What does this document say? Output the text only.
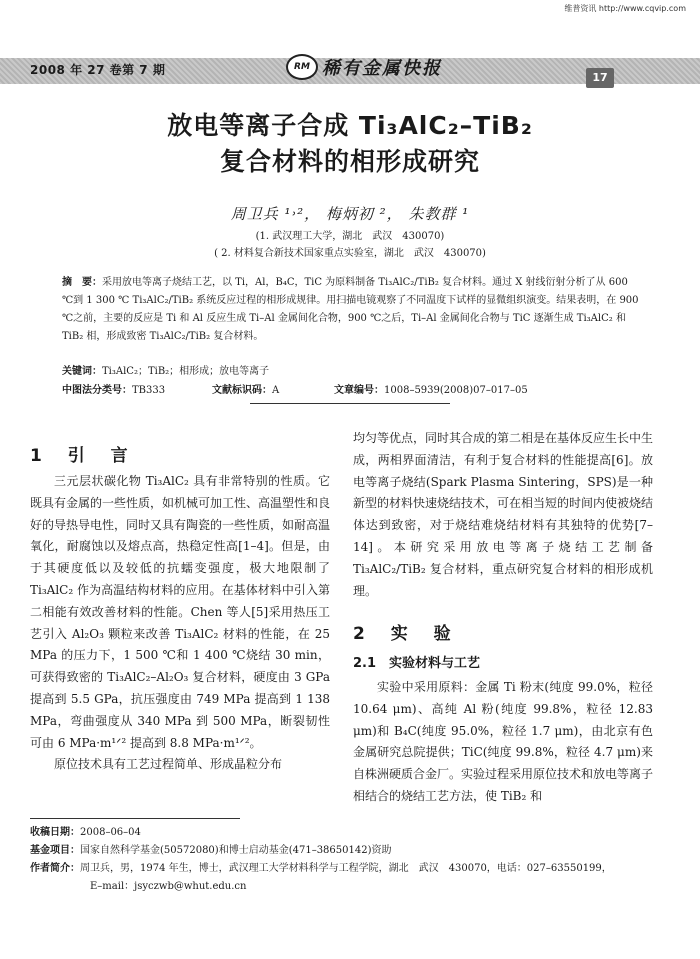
维普资讯 http://www.cqvip.com
2008 年 27 卷第 7 期	RM 稀有金属快报	17
放电等离子合成 Ti₃AlC₂–TiB₂
复合材料的相形成研究
周卫兵 ¹˒²， 梅炳初 ²， 朱教群 ¹
(1. 武汉理工大学，湖北　武汉　430070)
( 2. 材料复合新技术国家重点实验室，湖北　武汉　430070)
摘　要：采用放电等离子烧结工艺，以 Ti，Al，B₄C，TiC 为原料制备 Ti₃AlC₂/TiB₂ 复合材料。通过 X 射线衍射分析了从 600 ℃到 1 300 ℃ Ti₃AlC₂/TiB₂ 系统反应过程的相形成规律。用扫描电镜观察了不同温度下试样的显微组织演变。结果表明，在 900 ℃之前，主要的反应是 Ti 和 Al 反应生成 Ti–Al 金属间化合物，900 ℃之后，Ti–Al 金属间化合物与 TiC 逐渐生成 Ti₃AlC₂ 和 TiB₂ 相，形成致密 Ti₃AlC₂/TiB₂ 复合材料。
关键词：Ti₃AlC₂；TiB₂；相形成；放电等离子
中图法分类号：TB333	文献标识码：A	文章编号：1008–5939(2008)07–017–05
1 引 言

三元层状碳化物 Ti₃AlC₂ 具有非常特别的性质。它既具有金属的一些性质，如机械可加工性、高温塑性和良好的导热导电性，同时又具有陶瓷的一些性质，如耐高温氧化，耐腐蚀以及熔点高，热稳定性高[1–4]。但是，由于其硬度低以及较低的抗蠕变强度，极大地限制了 Ti₃AlC₂ 作为高温结构材料的应用。在基体材料中引入第二相能有效改善材料的性能。Chen 等人[5]采用热压工艺引入 Al₂O₃ 颗粒来改善 Ti₃AlC₂ 材料的性能，在 25 MPa 的压力下，1 500 ℃和 1 400 ℃烧结 30 min，可获得致密的 Ti₃AlC₂–Al₂O₃ 复合材料，硬度由 3 GPa 提高到 5.5 GPa，抗压强度由 749 MPa 提高到 1 138 MPa，弯曲强度从 340 MPa 到 500 MPa，断裂韧性可由 6 MPa·m¹ᐟ² 提高到 8.8 MPa·m¹ᐟ²。

原位技术具有工艺过程简单、形成晶粒分布

均匀等优点，同时其合成的第二相是在基体反应生长中生成，两相界面清洁，有利于复合材料的性能提高[6]。放电等离子烧结(Spark Plasma Sintering，SPS)是一种新型的材料快速烧结技术，可在相当短的时间内使被烧结体达到致密，对于烧结难烧结材料有其独特的优势[7–14]。本研究采用放电等离子烧结工艺制备 Ti₃AlC₂/TiB₂ 复合材料，重点研究复合材料的相形成机理。

2 实 验
2.1　实验材料与工艺

实验中采用原料：金属 Ti 粉末(纯度 99.0%，粒径 10.64 μm)、高纯 Al 粉(纯度 99.8%，粒径 12.83 μm)和 B₄C(纯度 95.0%，粒径 1.7 μm)，由北京有色金属研究总院提供；TiC(纯度 99.8%，粒径 4.7 μm)来自株洲硬质合金厂。实验过程采用原位技术和放电等离子相结合的烧结工艺方法，使 TiB₂ 和

收稿日期：2008–06–04
基金项目：国家自然科学基金(50572080)和博士启动基金(471–38650142)资助
作者简介：周卫兵，男，1974 年生，博士，武汉理工大学材料科学与工程学院，湖北　武汉　430070，电话：027–63550199，
E–mail：jsyczwb@whut.edu.cn
